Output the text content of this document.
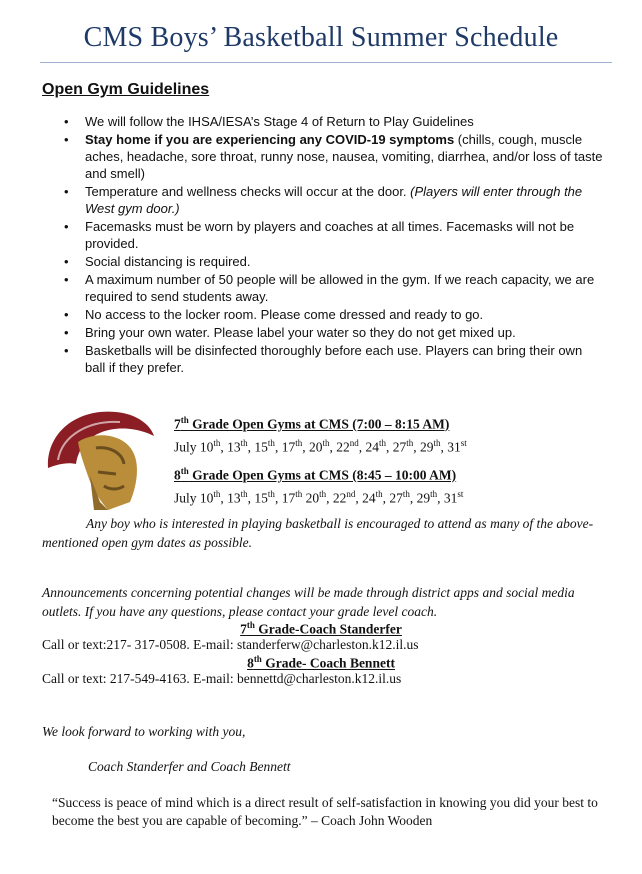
CMS Boys’ Basketball Summer Schedule
Open Gym Guidelines
• We will follow the IHSA/IESA’s Stage 4 of Return to Play Guidelines
• Stay home if you are experiencing any COVID-19 symptoms (chills, cough, muscle aches, headache, sore throat, runny nose, nausea, vomiting, diarrhea, and/or loss of taste and smell)
• Temperature and wellness checks will occur at the door. (Players will enter through the West gym door.)
• Facemasks must be worn by players and coaches at all times. Facemasks will not be provided.
• Social distancing is required.
• A maximum number of 50 people will be allowed in the gym. If we reach capacity, we are required to send students away.
• No access to the locker room. Please come dressed and ready to go.
• Bring your own water. Please label your water so they do not get mixed up.
• Basketballs will be disinfected thoroughly before each use. Players can bring their own ball if they prefer.
7th Grade Open Gyms at CMS (7:00 – 8:15 AM)
July 10th, 13th, 15th, 17th, 20th, 22nd, 24th, 27th, 29th, 31st
8th Grade Open Gyms at CMS (8:45 – 10:00 AM)
July 10th, 13th, 15th, 17th 20th, 22nd, 24th, 27th, 29th, 31st
Any boy who is interested in playing basketball is encouraged to attend as many of the above-mentioned open gym dates as possible.
Announcements concerning potential changes will be made through district apps and social media outlets. If you have any questions, please contact your grade level coach.
7th Grade-Coach Standerfer
Call or text:217- 317-0508. E-mail: standerferw@charleston.k12.il.us
8th Grade- Coach Bennett
Call or text: 217-549-4163. E-mail: bennettd@charleston.k12.il.us
We look forward to working with you,
Coach Standerfer and Coach Bennett
“Success is peace of mind which is a direct result of self-satisfaction in knowing you did your best to become the best you are capable of becoming.” – Coach John Wooden
